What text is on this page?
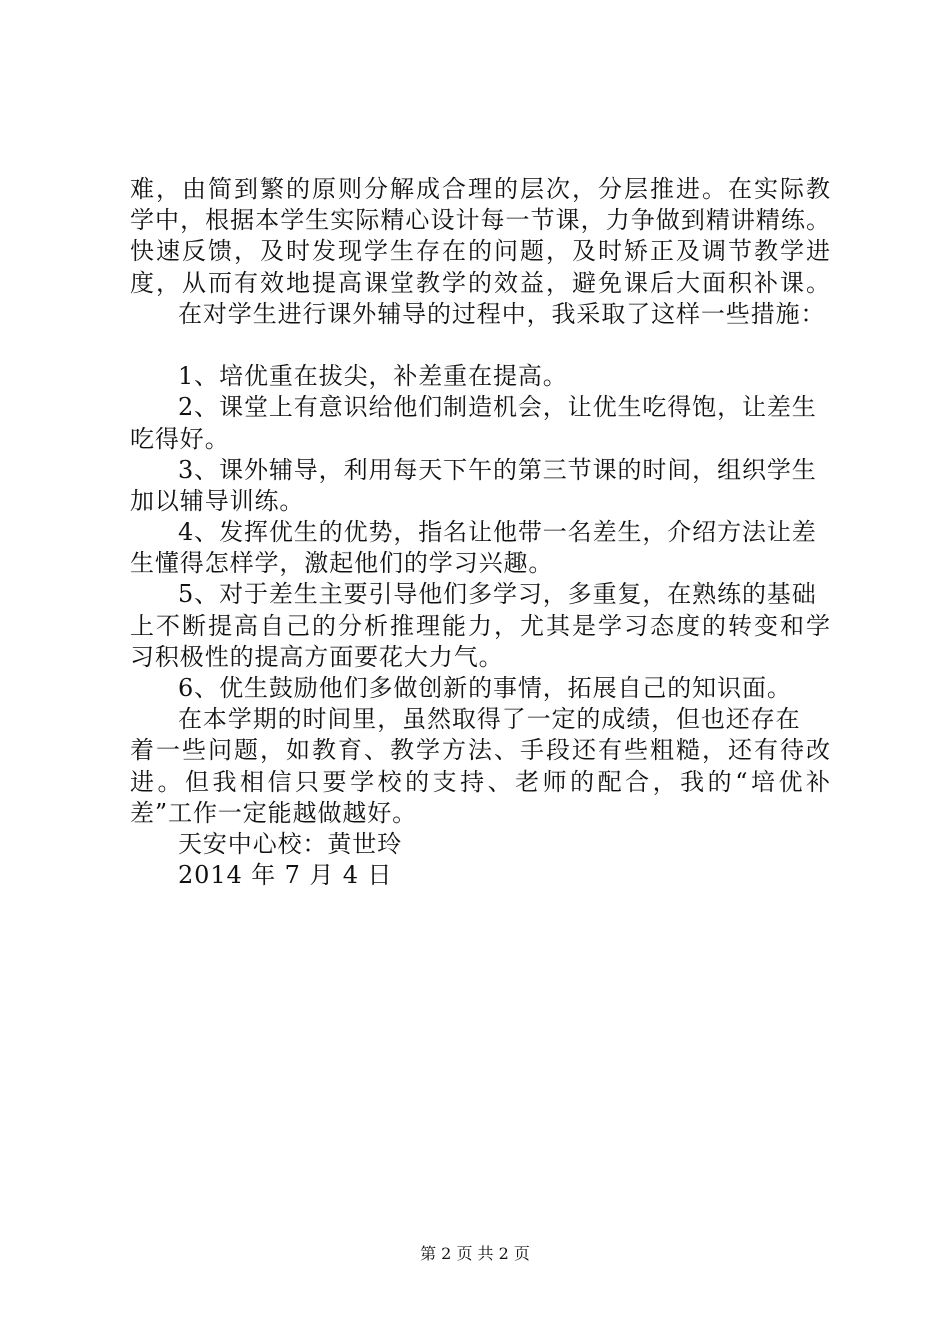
难，由简到繁的原则分解成合理的层次，分层推进。在实际教
学中，根据本学生实际精心设计每一节课，力争做到精讲精练。
快速反馈，及时发现学生存在的问题，及时矫正及调节教学进
度，从而有效地提高课堂教学的效益，避免课后大面积补课。
在对学生进行课外辅导的过程中，我采取了这样一些措施：
1、培优重在拔尖，补差重在提高。
2、课堂上有意识给他们制造机会，让优生吃得饱，让差生
吃得好。
3、课外辅导，利用每天下午的第三节课的时间，组织学生
加以辅导训练。
4、发挥优生的优势，指名让他带一名差生，介绍方法让差
生懂得怎样学，激起他们的学习兴趣。
5、对于差生主要引导他们多学习，多重复，在熟练的基础
上不断提高自己的分析推理能力，尤其是学习态度的转变和学
习积极性的提高方面要花大力气。
6、优生鼓励他们多做创新的事情，拓展自己的知识面。
在本学期的时间里，虽然取得了一定的成绩，但也还存在
着一些问题，如教育、教学方法、手段还有些粗糙，还有待改
进。但我相信只要学校的支持、老师的配合，我的“培优补
差”工作一定能越做越好。
天安中心校：黄世玲
2014 年 7 月 4 日
第 2 页 共 2 页
